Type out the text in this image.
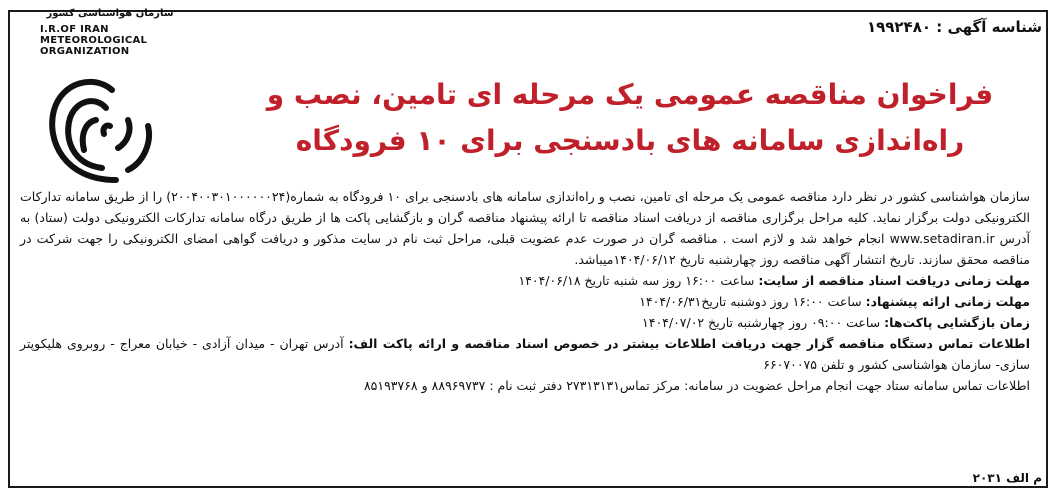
شناسه آگهی : ۱۹۹۲۴۸۰
سازمان هواشناسی کشور
I.R.OF IRAN
METEOROLOGICAL
ORGANIZATION
فراخوان مناقصه عمومی یک مرحله ای تامین، نصب و
راه‌اندازی سامانه های بادسنجی برای ۱۰ فرودگاه

سازمان هواشناسی کشور در نظر دارد مناقصه عمومی یک مرحله ای تامین، نصب و راه‌اندازی سامانه های بادسنجی برای ۱۰ فرودگاه به شماره(۲۰۰۴۰۰۳۰۱۰۰۰۰۰۰۲۴) را از طریق سامانه تدارکات الکترونیکی دولت برگزار نماید. کلیه مراحل برگزاری مناقصه از دریافت اسناد مناقصه تا ارائه پیشنهاد مناقصه گران و بازگشایی پاکت ها از طریق درگاه سامانه تدارکات الکترونیکی دولت (ستاد) به آدرس www.setadiran.ir انجام خواهد شد و لازم است . مناقصه گران در صورت عدم عضویت قبلی، مراحل ثبت نام در سایت مذکور و دریافت گواهی امضای الکترونیکی را جهت شرکت در مناقصه محقق سازند. تاریخ انتشار آگهی مناقصه روز چهارشنبه تاریخ ۱۴۰۴/۰۶/۱۲میباشد.

مهلت زمانی دریافت اسناد مناقصه از سایت: ساعت ۱۶:۰۰ روز سه شنبه تاریخ ۱۴۰۴/۰۶/۱۸
مهلت زمانی ارائه پیشنهاد: ساعت ۱۶:۰۰ روز دوشنبه تاریخ۱۴۰۴/۰۶/۳۱
زمان بازگشایی پاکت‌ها: ساعت ۰۹:۰۰ روز چهارشنبه تاریخ ۱۴۰۴/۰۷/۰۲

اطلاعات تماس دستگاه مناقصه گزار جهت دریافت اطلاعات بیشتر در خصوص اسناد مناقصه و ارائه پاکت الف: آدرس تهران - میدان آزادی - خیابان معراج - روبروی هلیکوپتر سازی- سازمان هواشناسی کشور و تلفن ۶۶۰۷۰۰۷۵

اطلاعات تماس سامانه ستاد جهت انجام مراحل عضویت در سامانه: مرکز تماس۲۷۳۱۳۱۳۱ دفتر ثبت نام : ۸۸۹۶۹۷۳۷ و ۸۵۱۹۳۷۶۸
م الف ۲۰۳۱
